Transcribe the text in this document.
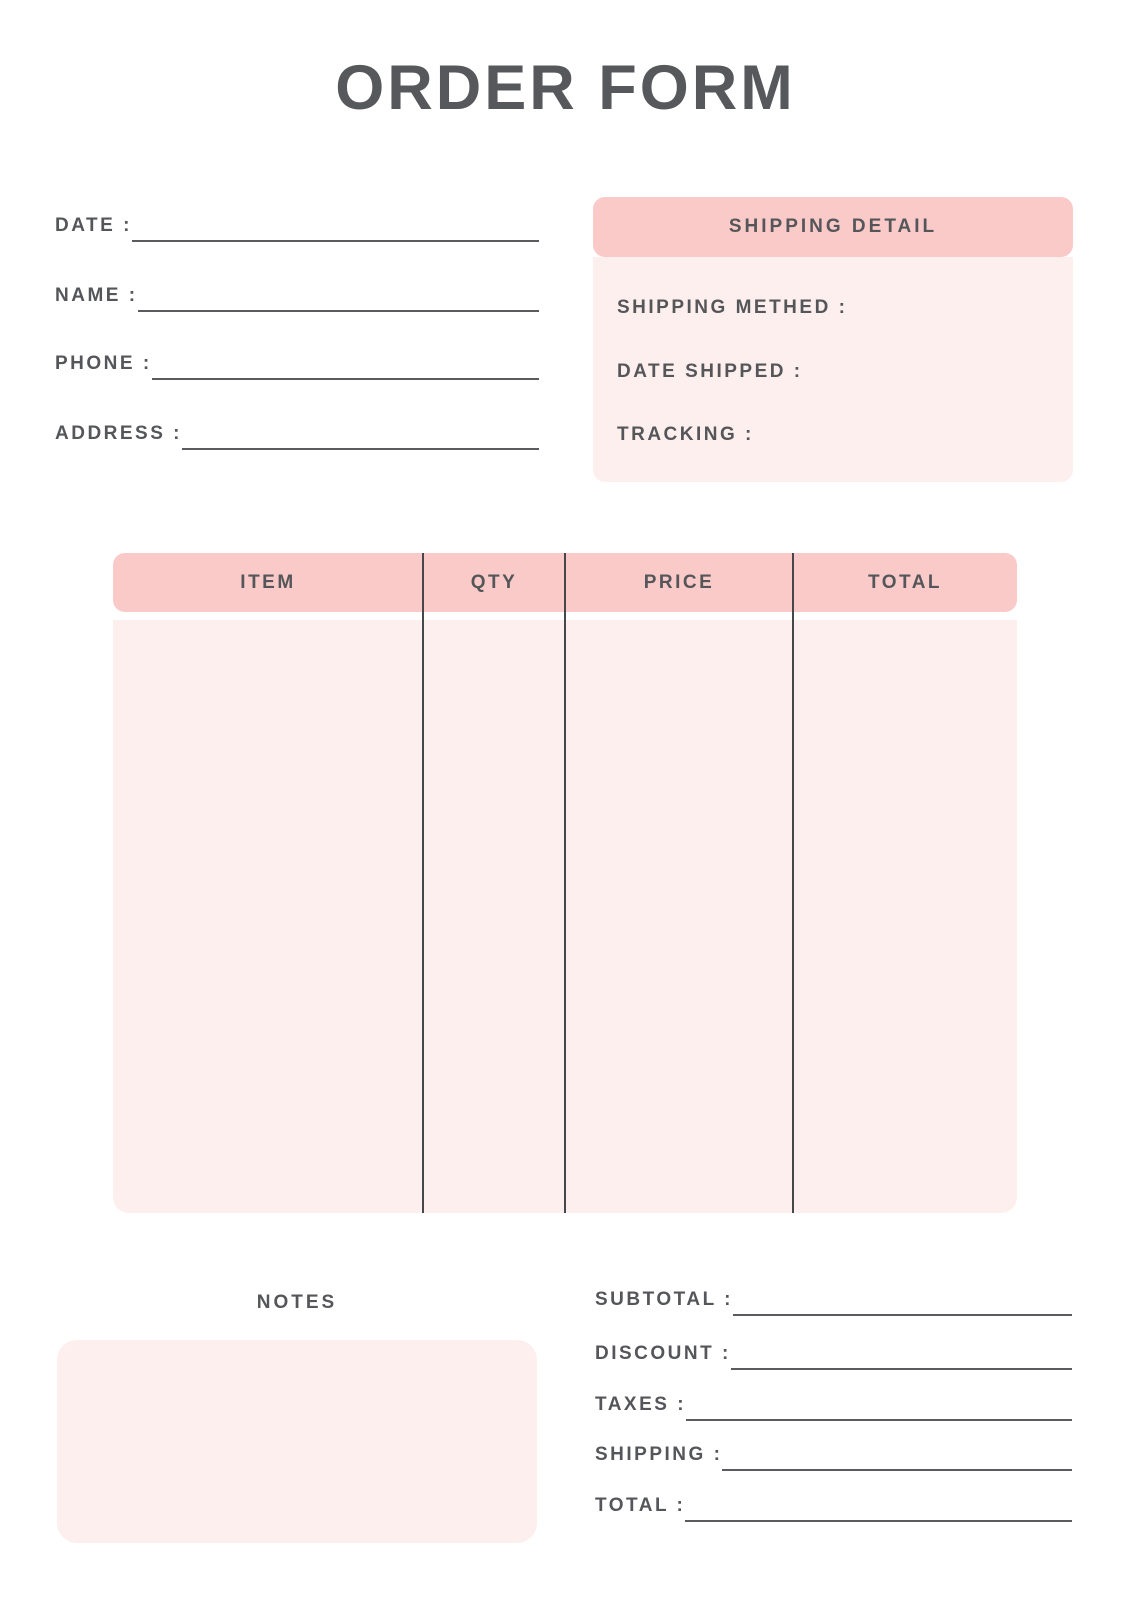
ORDER FORM
DATE :
NAME :
PHONE :
ADDRESS :
SHIPPING DETAIL
SHIPPING METHED :
DATE SHIPPED :
TRACKING :
ITEM	QTY	PRICE	TOTAL
NOTES	SUBTOTAL :
DISCOUNT :
TAXES :
SHIPPING :
TOTAL :
